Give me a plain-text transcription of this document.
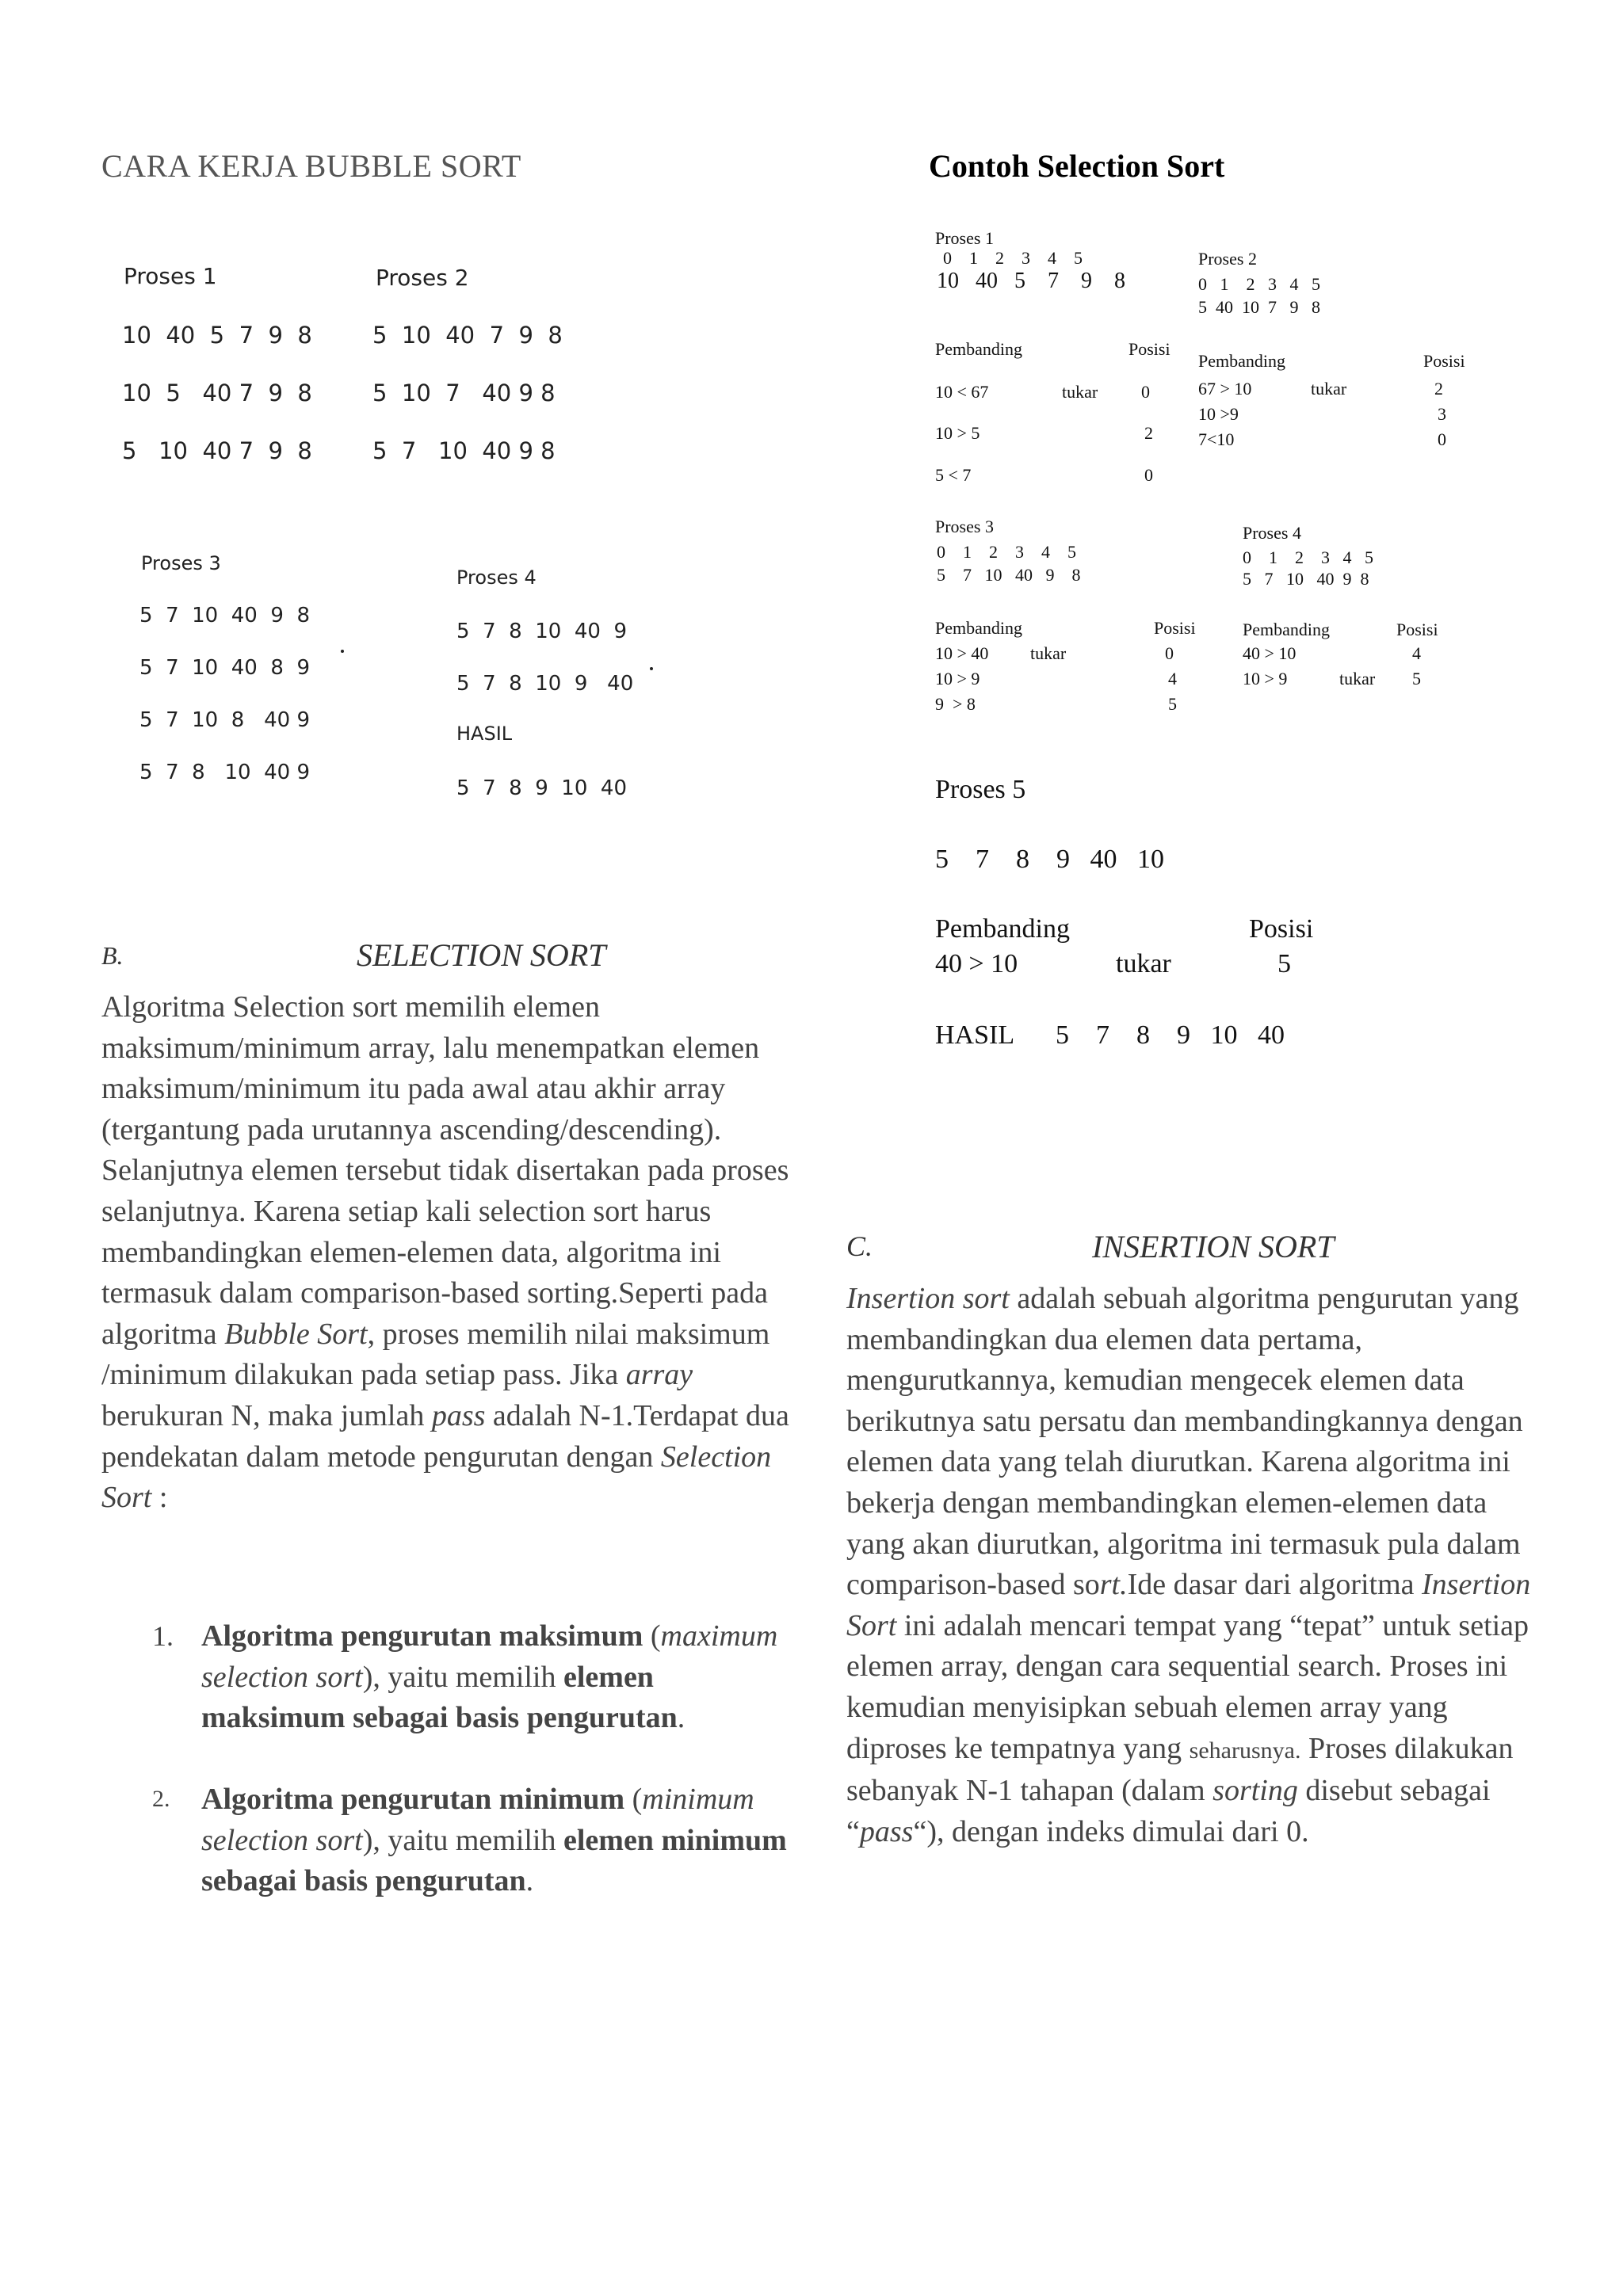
CARA KERJA BUBBLE SORT	Contoh Selection Sort
Proses 1
10  40  5  7  9  8
10  5   40 7  9  8
5   10  40 7  9  8
Proses 2
5  10  40  7  9  8
5  10  7   40 9 8
5  7   10  40 9 8
Proses 3
5  7  10  40  9  8
5  7  10  40  8  9
5  7  10  8   40 9
5  7  8   10  40 9
Proses 4
5  7  8  10  40  9
5  7  8  10  9   40
HASIL
5  7  8  9  10  40
Proses 1
0    1    2    3    4    5
10   40   5    7    9    8
Pembanding	Posisi
10 < 67	tukar 0
10 > 5	2
5 < 7	0
Proses 2
0   1    2   3   4   5
5  40  10  7   9   8
Pembanding	Posisi
67 > 10	tukar	2
10 >9	3
7<10	0
Proses 3
0    1    2    3    4    5
5    7   10   40   9    8
Pembanding	Posisi
10 > 40 tukar	0
10 > 9	4
9  > 8	5
Proses 4
0    1    2    3   4   5
5   7   10   40  9  8
Pembanding	Posisi
40 > 10	4
10 > 9	tukar 5
Proses 5
5    7    8    9   40   10
Pembanding	Posisi
40 > 10	tukar	5
HASIL 5    7    8    9   10   40
B.	SELECTION SORT
Algoritma Selection sort memilih elemen maksimum/minimum array, lalu menempatkan elemen maksimum/minimum itu pada awal atau akhir array (tergantung pada urutannya ascending/descending). Selanjutnya elemen tersebut tidak disertakan pada proses selanjutnya. Karena setiap kali selection sort harus membandingkan elemen-elemen data, algoritma ini termasuk dalam comparison-based sorting.Seperti pada algoritma Bubble Sort, proses memilih nilai maksimum /minimum dilakukan pada setiap pass. Jika array berukuran N, maka jumlah pass adalah N-1.Terdapat dua pendekatan dalam metode pengurutan dengan Selection Sort :
1. Algoritma pengurutan maksimum (maximum selection sort), yaitu memilih elemen maksimum sebagai basis pengurutan.
2. Algoritma pengurutan minimum (minimum selection sort), yaitu memilih elemen minimum sebagai basis pengurutan.
C.	INSERTION SORT
Insertion sort adalah sebuah algoritma pengurutan yang membandingkan dua elemen data pertama, mengurutkannya, kemudian mengecek elemen data berikutnya satu persatu dan membandingkannya dengan elemen data yang telah diurutkan. Karena algoritma ini bekerja dengan membandingkan elemen-elemen data yang akan diurutkan, algoritma ini termasuk pula dalam comparison-based sort.Ide dasar dari algoritma Insertion Sort ini adalah mencari tempat yang “tepat” untuk setiap elemen array, dengan cara sequential search. Proses ini kemudian menyisipkan sebuah elemen array yang diproses ke tempatnya yang seharusnya. Proses dilakukan sebanyak N-1 tahapan (dalam sorting disebut sebagai “pass“), dengan indeks dimulai dari 0.
